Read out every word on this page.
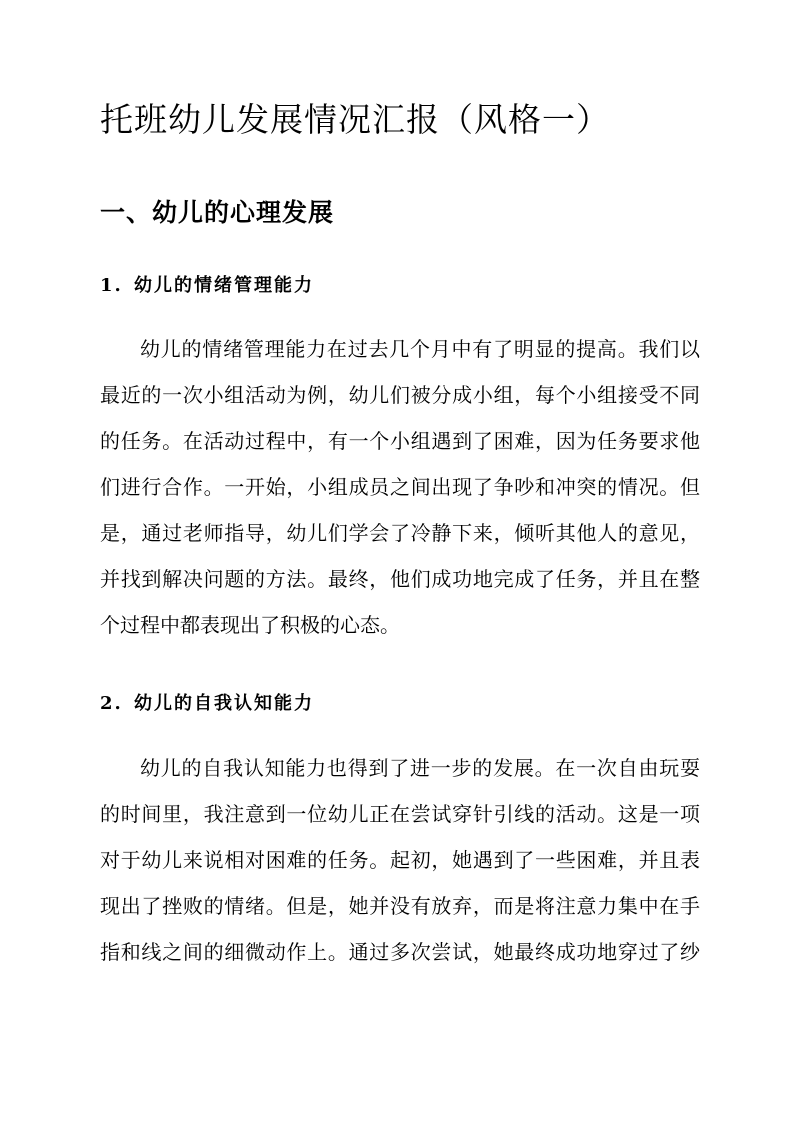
托班幼儿发展情况汇报（风格一）
一、幼儿的心理发展
1. 幼儿的情绪管理能力
幼儿的情绪管理能力在过去几个月中有了明显的提高。我们以
最近的一次小组活动为例，幼儿们被分成小组，每个小组接受不同
的任务。在活动过程中，有一个小组遇到了困难，因为任务要求他
们进行合作。一开始，小组成员之间出现了争吵和冲突的情况。但
是，通过老师指导，幼儿们学会了冷静下来，倾听其他人的意见，
并找到解决问题的方法。最终，他们成功地完成了任务，并且在整
个过程中都表现出了积极的心态。
2. 幼儿的自我认知能力
幼儿的自我认知能力也得到了进一步的发展。在一次自由玩耍
的时间里，我注意到一位幼儿正在尝试穿针引线的活动。这是一项
对于幼儿来说相对困难的任务。起初，她遇到了一些困难，并且表
现出了挫败的情绪。但是，她并没有放弃，而是将注意力集中在手
指和线之间的细微动作上。通过多次尝试，她最终成功地穿过了纱
